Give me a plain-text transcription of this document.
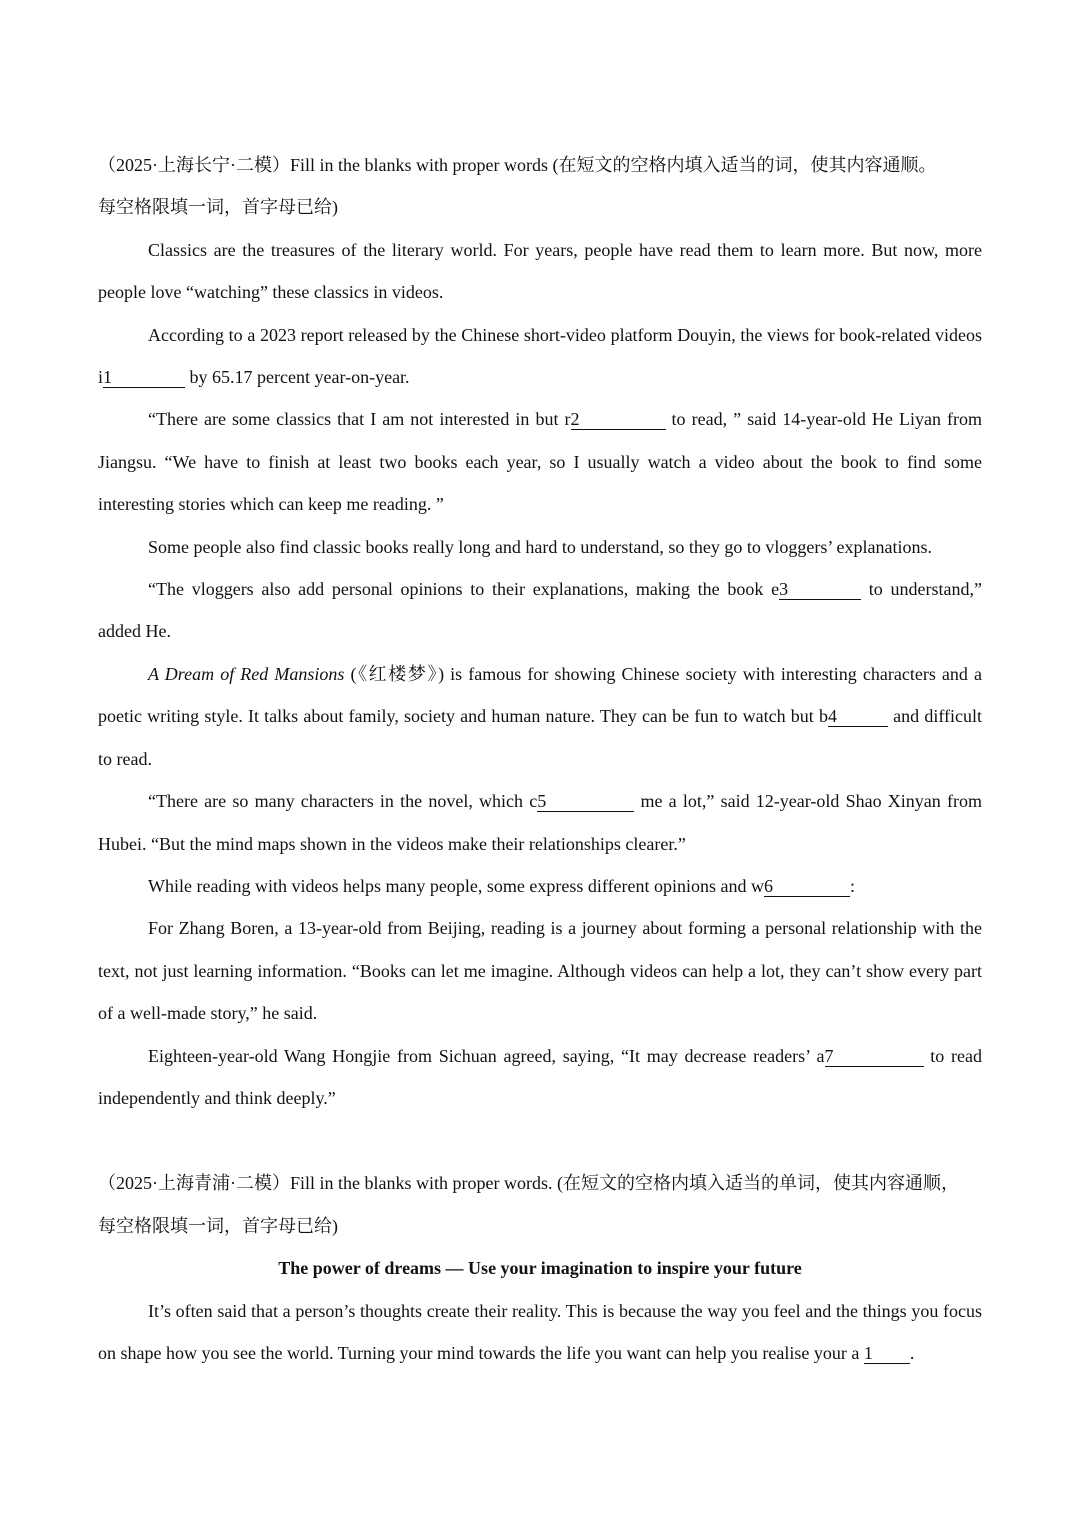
（2025·上海长宁·二模）Fill in the blanks with proper words (在短文的空格内填入适当的词，使其内容通顺。
每空格限填一词，首字母已给)

Classics are the treasures of the literary world. For years, people have read them to learn more. But now, more people love “watching” these classics in videos.

According to a 2023 report released by the Chinese short-video platform Douyin, the views for book-related videos i1	by 65.17 percent year-on-year.

“There are some classics that I am not interested in but r2	to read, ” said 14-year-old He Liyan from Jiangsu. “We have to finish at least two books each year, so I usually watch a video about the book to find some interesting stories which can keep me reading. ”

Some people also find classic books really long and hard to understand, so they go to vloggers’ explanations.

“The vloggers also add personal opinions to their explanations, making the book e3	to understand,” added He.

A Dream of Red Mansions (《红楼梦》) is famous for showing Chinese society with interesting characters and a poetic writing style. It talks about family, society and human nature. They can be fun to watch but b4	and difficult to read.

“There are so many characters in the novel, which c5	me a lot,” said 12-year-old Shao Xinyan from Hubei. “But the mind maps shown in the videos make their relationships clearer.”

While reading with videos helps many people, some express different opinions and w6	:

For Zhang Boren, a 13-year-old from Beijing, reading is a journey about forming a personal relationship with the text, not just learning information. “Books can let me imagine. Although videos can help a lot, they can’t show every part of a well-made story,” he said.

Eighteen-year-old Wang Hongjie from Sichuan agreed, saying, “It may decrease readers’ a7	to read independently and think deeply.”

（2025·上海青浦·二模）Fill in the blanks with proper words. (在短文的空格内填入适当的单词，使其内容通顺，
每空格限填一词，首字母已给)

The power of dreams — Use your imagination to inspire your future

It’s often said that a person’s thoughts create their reality. This is because the way you feel and the things you focus on shape how you see the world. Turning your mind towards the life you want can help you realise your a 1 .
